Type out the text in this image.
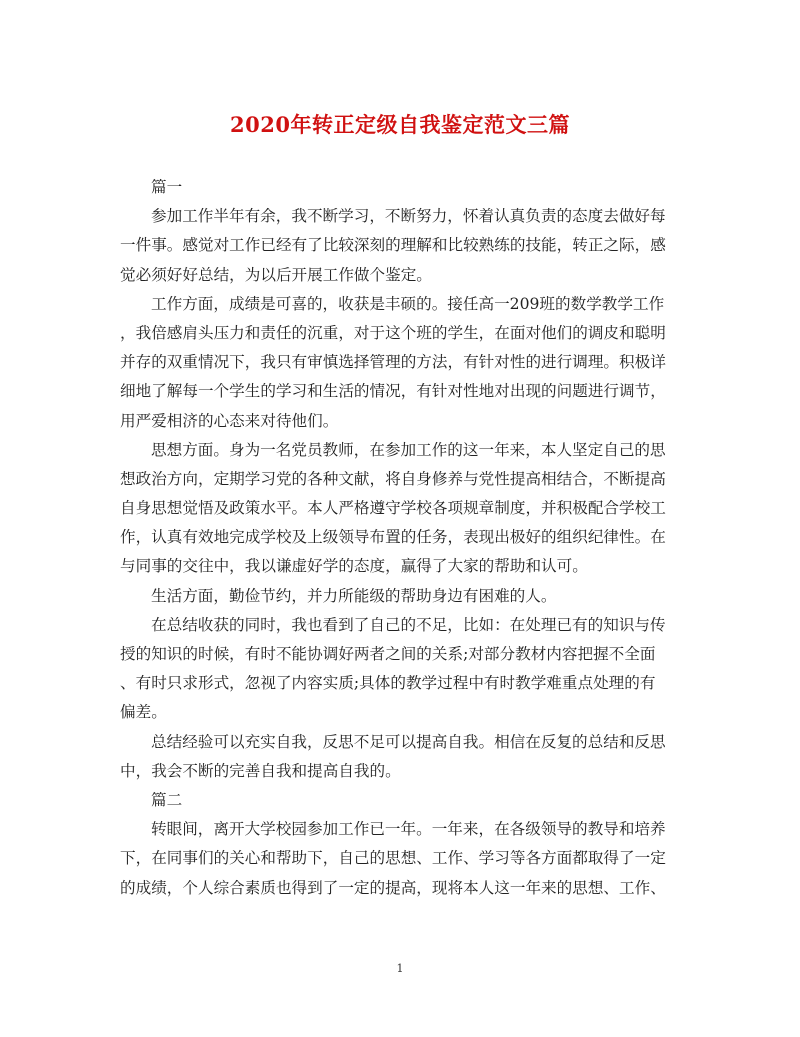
2020年转正定级自我鉴定范文三篇
篇一
参加工作半年有余，我不断学习，不断努力，怀着认真负责的态度去做好每
一件事。感觉对工作已经有了比较深刻的理解和比较熟练的技能，转正之际，感
觉必须好好总结，为以后开展工作做个鉴定。
工作方面，成绩是可喜的，收获是丰硕的。接任高一209班的数学教学工作
，我倍感肩头压力和责任的沉重，对于这个班的学生，在面对他们的调皮和聪明
并存的双重情况下，我只有审慎选择管理的方法，有针对性的进行调理。积极详
细地了解每一个学生的学习和生活的情况，有针对性地对出现的问题进行调节，
用严爱相济的心态来对待他们。
思想方面。身为一名党员教师，在参加工作的这一年来，本人坚定自己的思
想政治方向，定期学习党的各种文献，将自身修养与党性提高相结合，不断提高
自身思想觉悟及政策水平。本人严格遵守学校各项规章制度，并积极配合学校工
作，认真有效地完成学校及上级领导布置的任务，表现出极好的组织纪律性。在
与同事的交往中，我以谦虚好学的态度，赢得了大家的帮助和认可。
生活方面，勤俭节约，并力所能级的帮助身边有困难的人。
在总结收获的同时，我也看到了自己的不足，比如：在处理已有的知识与传
授的知识的时候，有时不能协调好两者之间的关系;对部分教材内容把握不全面
、有时只求形式，忽视了内容实质;具体的教学过程中有时教学难重点处理的有
偏差。
总结经验可以充实自我，反思不足可以提高自我。相信在反复的总结和反思
中，我会不断的完善自我和提高自我的。
篇二
转眼间，离开大学校园参加工作已一年。一年来，在各级领导的教导和培养
下，在同事们的关心和帮助下，自己的思想、工作、学习等各方面都取得了一定
的成绩，个人综合素质也得到了一定的提高，现将本人这一年来的思想、工作、
1
